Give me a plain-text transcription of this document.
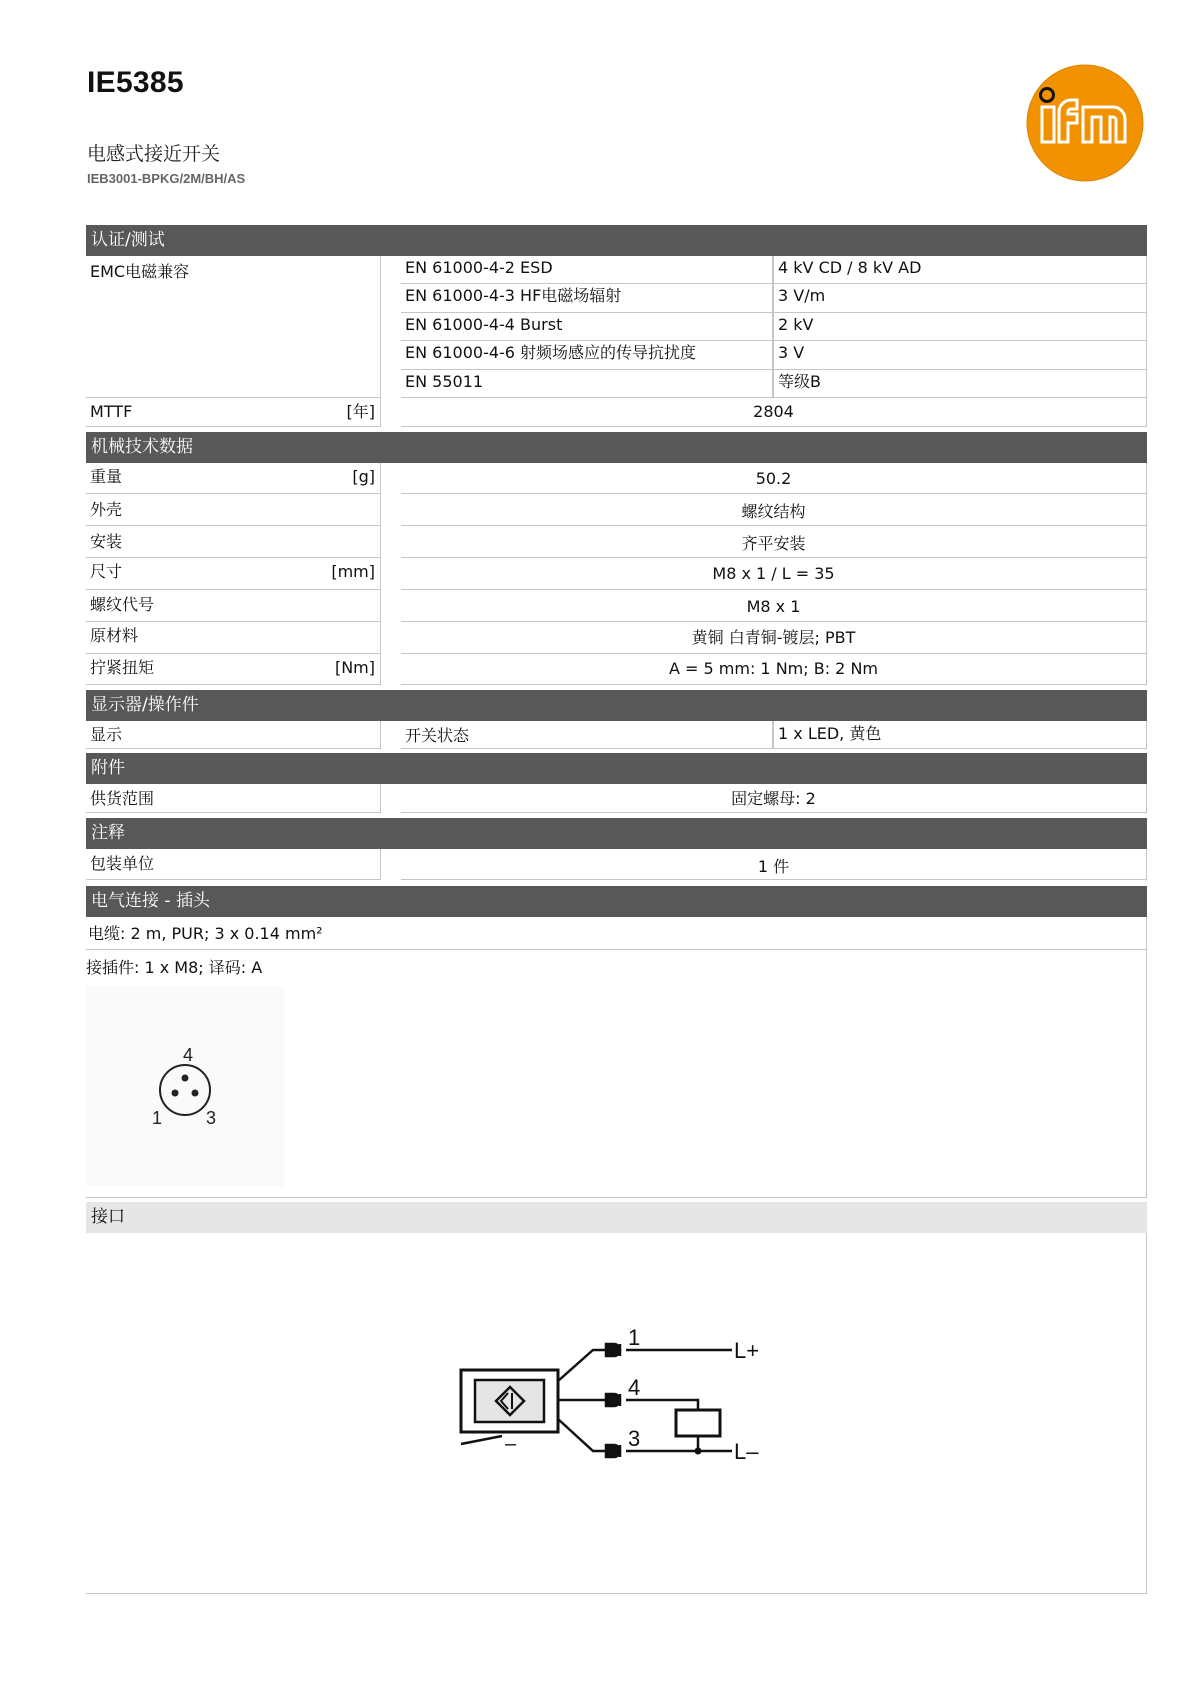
IE5385
电感式接近开关
IEB3001-BPKG/2M/BH/AS
认证/测试
EMC电磁兼容	EN 61000-4-2 ESD	4 kV CD / 8 kV AD
EN 61000-4-3 HF电磁场辐射	3 V/m
EN 61000-4-4 Burst	2 kV
EN 61000-4-6 射频场感应的传导抗扰度	3 V
EN 55011	等级B
MTTF	[年]	2804
机械技术数据
重量	[g]	50.2
外壳	螺纹结构
安装	齐平安装
尺寸	[mm]	M8 x 1 / L = 35
螺纹代号	M8 x 1
原材料	黄铜 白青铜-镀层; PBT
拧紧扭矩	[Nm]	A = 5 mm: 1 Nm; B: 2 Nm
显示器/操作件
显示	开关状态	1 x LED, 黄色
附件
供货范围	固定螺母: 2
注释
包装单位	1 件
电气连接 - 插头
电缆: 2 m, PUR; 3 x 0.14 mm²
接插件: 1 x M8; 译码: A
4
1 3
接口
1
4
3
L+
L–
–
